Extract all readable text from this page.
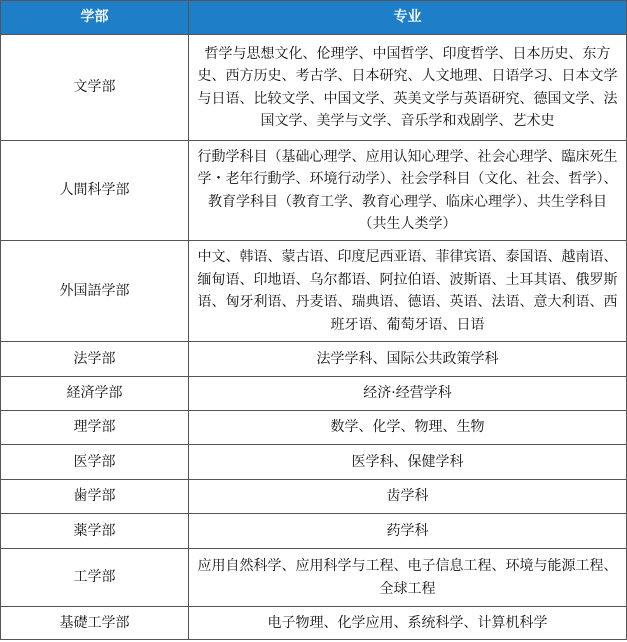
学部	专业
文学部	哲学与思想文化、伦理学、中国哲学、印度哲学、日本历史、东方史、西方历史、考古学、日本研究、人文地理、日语学习、日本文学与日语、比较文学、中国文学、英美文学与英语研究、德国文学、法国文学、美学与文学、音乐学和戏剧学、艺术史
人間科学部	行動学科目（基础心理学、应用认知心理学、社会心理学、臨床死生学・老年行動学、环境行动学）、社会学科目（文化、社会、哲学）、教育学科目（教育工学、教育心理学、临床心理学）、共生学科目（共生人类学）
外国語学部	中文、韩语、蒙古语、印度尼西亚语、菲律宾语、泰国语、越南语、缅甸语、印地语、乌尔都语、阿拉伯语、波斯语、土耳其语、俄罗斯语、匈牙利语、丹麦语、瑞典语、德语、英语、法语、意大利语、西班牙语、葡萄牙语、日语
法学部	法学学科、国际公共政策学科
経済学部	经济·经营学科
理学部	数学、化学、物理、生物
医学部	医学科、保健学科
歯学部	齿学科
薬学部	药学科
工学部	应用自然科学、应用科学与工程、电子信息工程、环境与能源工程、全球工程
基礎工学部	电子物理、化学应用、系统科学、计算机科学
